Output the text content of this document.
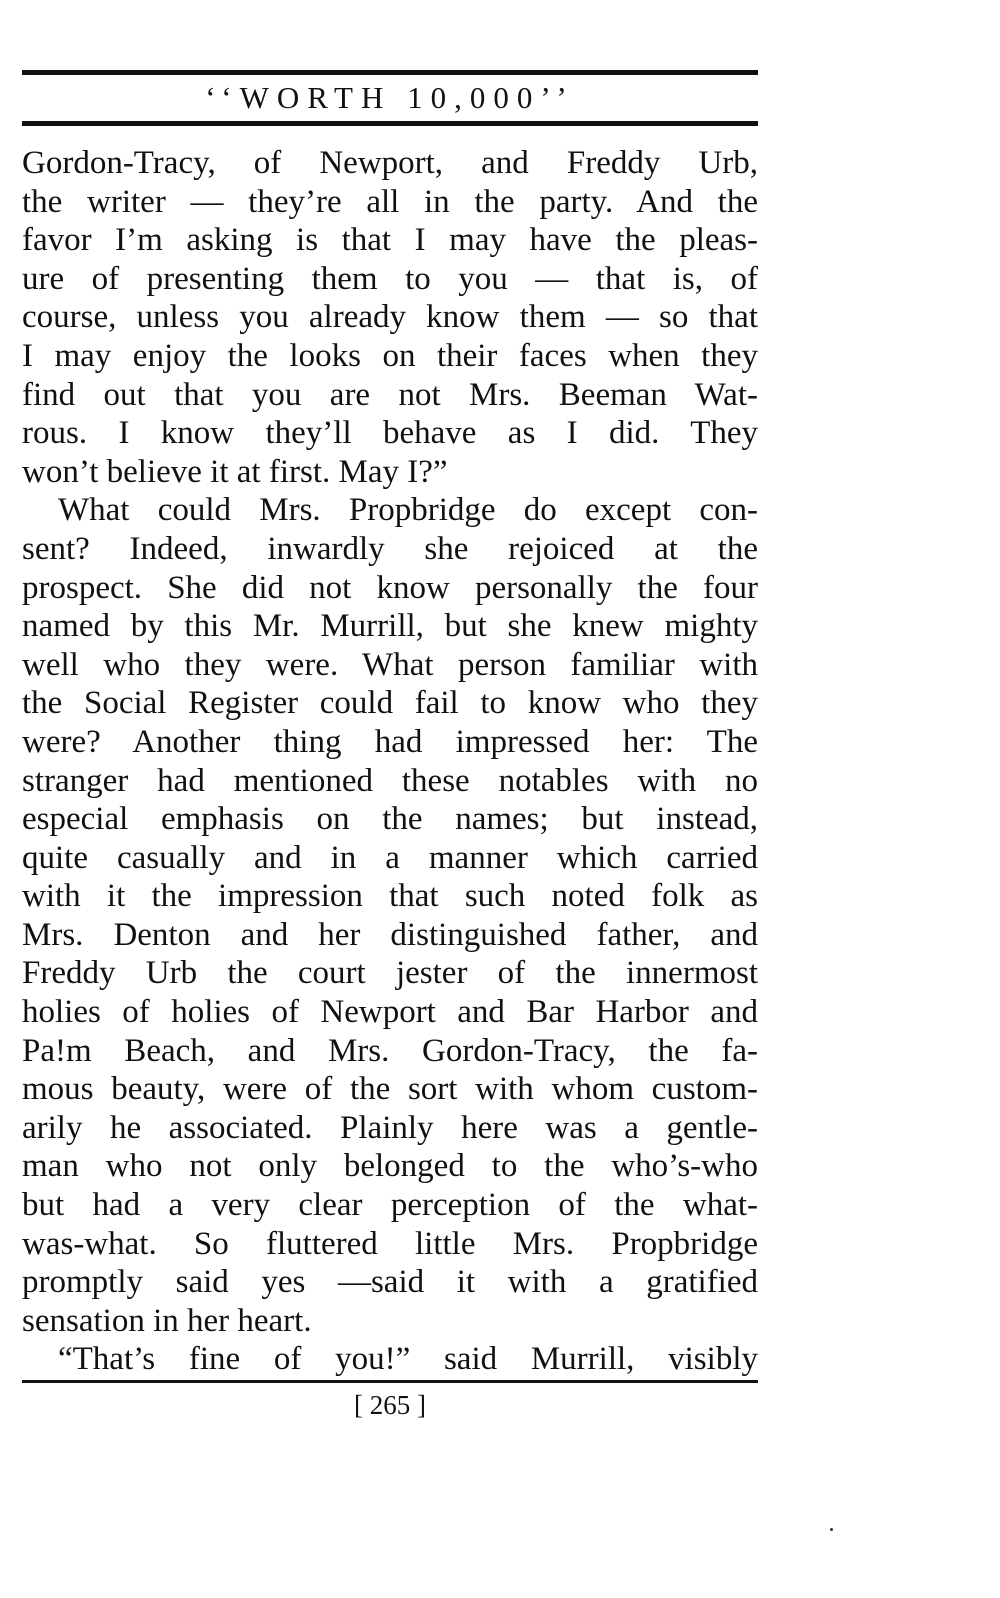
‘‘WORTH 10,000’’
Gordon-Tracy, of Newport, and Freddy Urb,
the writer — they’re all in the party. And the
favor I’m asking is that I may have the pleas-
ure of presenting them to you — that is, of
course, unless you already know them — so that
I may enjoy the looks on their faces when they
find out that you are not Mrs. Beeman Wat-
rous. I know they’ll behave as I did. They
won’t believe it at first. May I?”
What could Mrs. Propbridge do except con-
sent? Indeed, inwardly she rejoiced at the
prospect. She did not know personally the four
named by this Mr. Murrill, but she knew mighty
well who they were. What person familiar with
the Social Register could fail to know who they
were? Another thing had impressed her: The
stranger had mentioned these notables with no
especial emphasis on the names; but instead,
quite casually and in a manner which carried
with it the impression that such noted folk as
Mrs. Denton and her distinguished father, and
Freddy Urb the court jester of the innermost
holies of holies of Newport and Bar Harbor and
Pa!m Beach, and Mrs. Gordon-Tracy, the fa-
mous beauty, were of the sort with whom custom-
arily he associated. Plainly here was a gentle-
man who not only belonged to the who’s-who
but had a very clear perception of the what-
was-what. So fluttered little Mrs. Propbridge
promptly said yes —said it with a gratified
sensation in her heart.
“That’s fine of you!” said Murrill, visibly
[ 265 ]
